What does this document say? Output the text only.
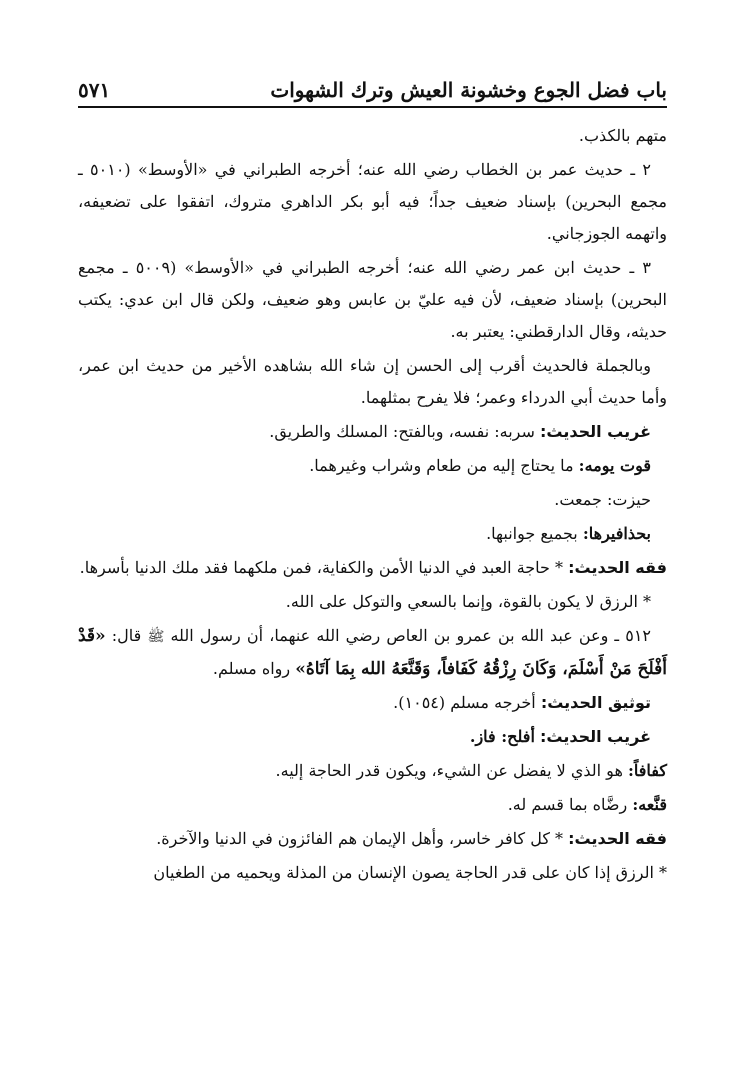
باب فضل الجوع وخشونة العيش وترك الشهوات
٥٧١

متهم بالكذب.

٢ ـ حديث عمر بن الخطاب رضي الله عنه؛ أخرجه الطبراني في «الأوسط» (٥٠١٠ ـ مجمع البحرين) بإسناد ضعيف جداً؛ فيه أبو بكر الداهري متروك، اتفقوا على تضعيفه، واتهمه الجوزجاني.

٣ ـ حديث ابن عمر رضي الله عنه؛ أخرجه الطبراني في «الأوسط» (٥٠٠٩ ـ مجمع البحرين) بإسناد ضعيف، لأن فيه عليّ بن عابس وهو ضعيف، ولكن قال ابن عدي: يكتب حديثه، وقال الدارقطني: يعتبر به.

وبالجملة فالحديث أقرب إلى الحسن إن شاء الله بشاهده الأخير من حديث ابن عمر، وأما حديث أبي الدرداء وعمر؛ فلا يفرح بمثلهما.

غريب الحديث: سربه: نفسه، وبالفتح: المسلك والطريق.

قوت يومه: ما يحتاج إليه من طعام وشراب وغيرهما.

حيزت: جمعت.

بحذافيرها: بجميع جوانبها.

فقه الحديث: * حاجة العبد في الدنيا الأمن والكفاية، فمن ملكهما فقد ملك الدنيا بأسرها.

* الرزق لا يكون بالقوة، وإنما بالسعي والتوكل على الله.

٥١٢ ـ وعن عبد الله بن عمرو بن العاص رضي الله عنهما، أن رسول الله ﷺ قال: «قَدْ أَفْلَحَ مَنْ أَسْلَمَ، وَكَانَ رِزْقُهُ كَفَافاً، وَقَنَّعَهُ الله بِمَا آتَاهُ» رواه مسلم.

توثيق الحديث: أخرجه مسلم (١٠٥٤).

غريب الحديث: أفلح: فاز.

كفافاً: هو الذي لا يفضل عن الشيء، ويكون قدر الحاجة إليه.

قنَّعه: رضَّاه بما قسم له.

فقه الحديث: * كل كافر خاسر، وأهل الإيمان هم الفائزون في الدنيا والآخرة.

* الرزق إذا كان على قدر الحاجة يصون الإنسان من المذلة ويحميه من الطغيان
